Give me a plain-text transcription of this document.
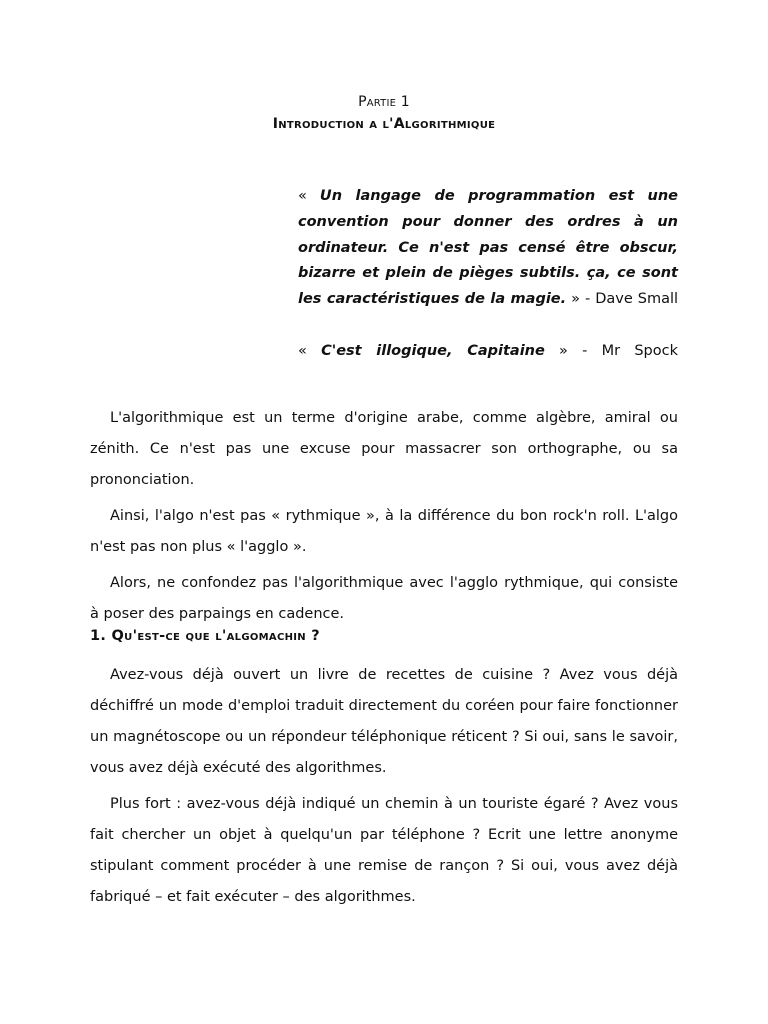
Partie 1
Introduction a l'Algorithmique
« Un langage de programmation est une convention pour donner des ordres à un ordinateur. Ce n'est pas censé être obscur, bizarre et plein de pièges subtils. ça, ce sont les caractéristiques de la magie. » - Dave Small
« C'est illogique, Capitaine » - Mr Spock

L'algorithmique est un terme d'origine arabe, comme algèbre, amiral ou zénith. Ce n'est pas une excuse pour massacrer son orthographe, ou sa prononciation.

Ainsi, l'algo n'est pas « rythmique », à la différence du bon rock'n roll. L'algo n'est pas non plus « l'agglo ».

Alors, ne confondez pas l'algorithmique avec l'agglo rythmique, qui consiste à poser des parpaings en cadence.

1. Qu'est-ce que l'algomachin ?

Avez-vous déjà ouvert un livre de recettes de cuisine ? Avez vous déjà déchiffré un mode d'emploi traduit directement du coréen pour faire fonctionner un magnétoscope ou un répondeur téléphonique réticent ? Si oui, sans le savoir, vous avez déjà exécuté des algorithmes.

Plus fort : avez-vous déjà indiqué un chemin à un touriste égaré ? Avez vous fait chercher un objet à quelqu'un par téléphone ? Ecrit une lettre anonyme stipulant comment procéder à une remise de rançon ? Si oui, vous avez déjà fabriqué – et fait exécuter – des algorithmes.
